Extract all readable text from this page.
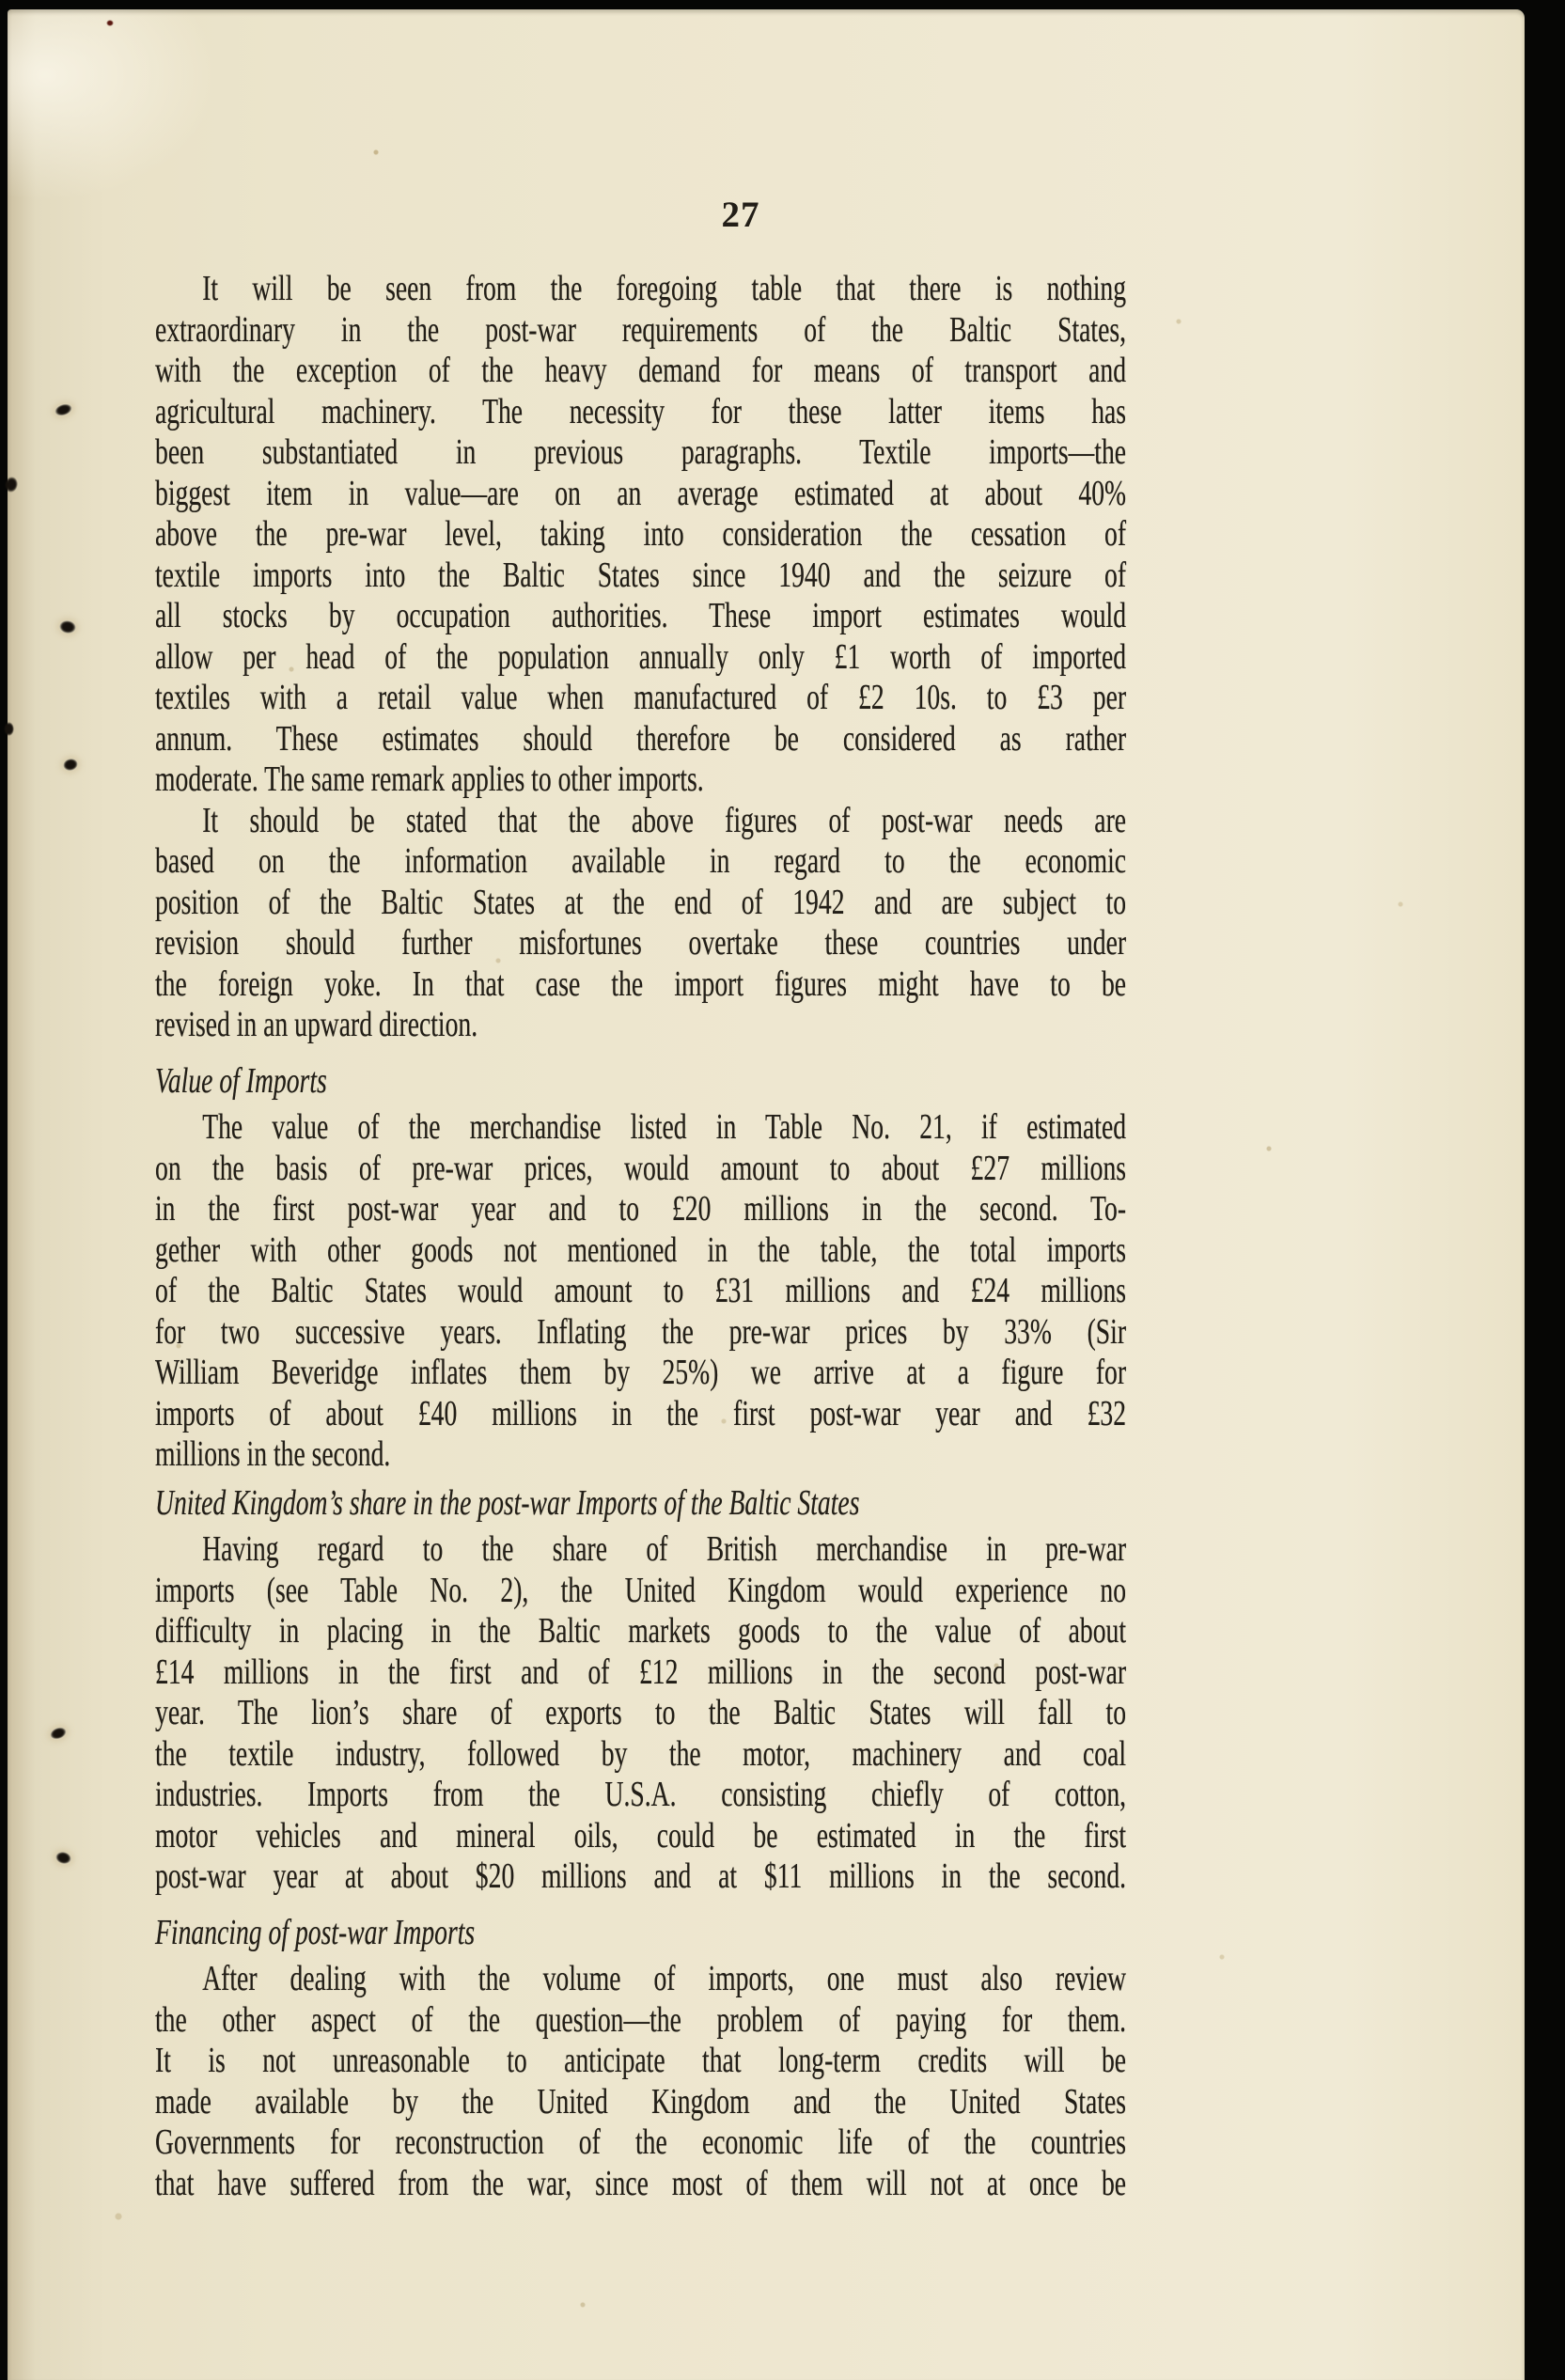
27
It will be seen from the foregoing table that there is nothing
extraordinary in the post-war requirements of the Baltic States,
with the exception of the heavy demand for means of transport and
agricultural machinery. The necessity for these latter items has
been substantiated in previous paragraphs. Textile imports—the
biggest item in value—are on an average estimated at about 40%
above the pre-war level, taking into consideration the cessation of
textile imports into the Baltic States since 1940 and the seizure of
all stocks by occupation authorities. These import estimates would
allow per head of the population annually only £1 worth of imported
textiles with a retail value when manufactured of £2 10s. to £3 per
annum. These estimates should therefore be considered as rather
moderate. The same remark applies to other imports.
It should be stated that the above figures of post-war needs are
based on the information available in regard to the economic
position of the Baltic States at the end of 1942 and are subject to
revision should further misfortunes overtake these countries under
the foreign yoke. In that case the import figures might have to be
revised in an upward direction.
Value of Imports
The value of the merchandise listed in Table No. 21, if estimated
on the basis of pre-war prices, would amount to about £27 millions
in the first post-war year and to £20 millions in the second. To-
gether with other goods not mentioned in the table, the total imports
of the Baltic States would amount to £31 millions and £24 millions
for two successive years. Inflating the pre-war prices by 33% (Sir
William Beveridge inflates them by 25%) we arrive at a figure for
imports of about £40 millions in the first post-war year and £32
millions in the second.
United Kingdom’s share in the post-war Imports of the Baltic States
Having regard to the share of British merchandise in pre-war
imports (see Table No. 2), the United Kingdom would experience no
difficulty in placing in the Baltic markets goods to the value of about
£14 millions in the first and of £12 millions in the second post-war
year. The lion’s share of exports to the Baltic States will fall to
the textile industry, followed by the motor, machinery and coal
industries. Imports from the U.S.A. consisting chiefly of cotton,
motor vehicles and mineral oils, could be estimated in the first
post-war year at about $20 millions and at $11 millions in the second.
Financing of post-war Imports
After dealing with the volume of imports, one must also review
the other aspect of the question—the problem of paying for them.
It is not unreasonable to anticipate that long-term credits will be
made available by the United Kingdom and the United States
Governments for reconstruction of the economic life of the countries
that have suffered from the war, since most of them will not at once be
